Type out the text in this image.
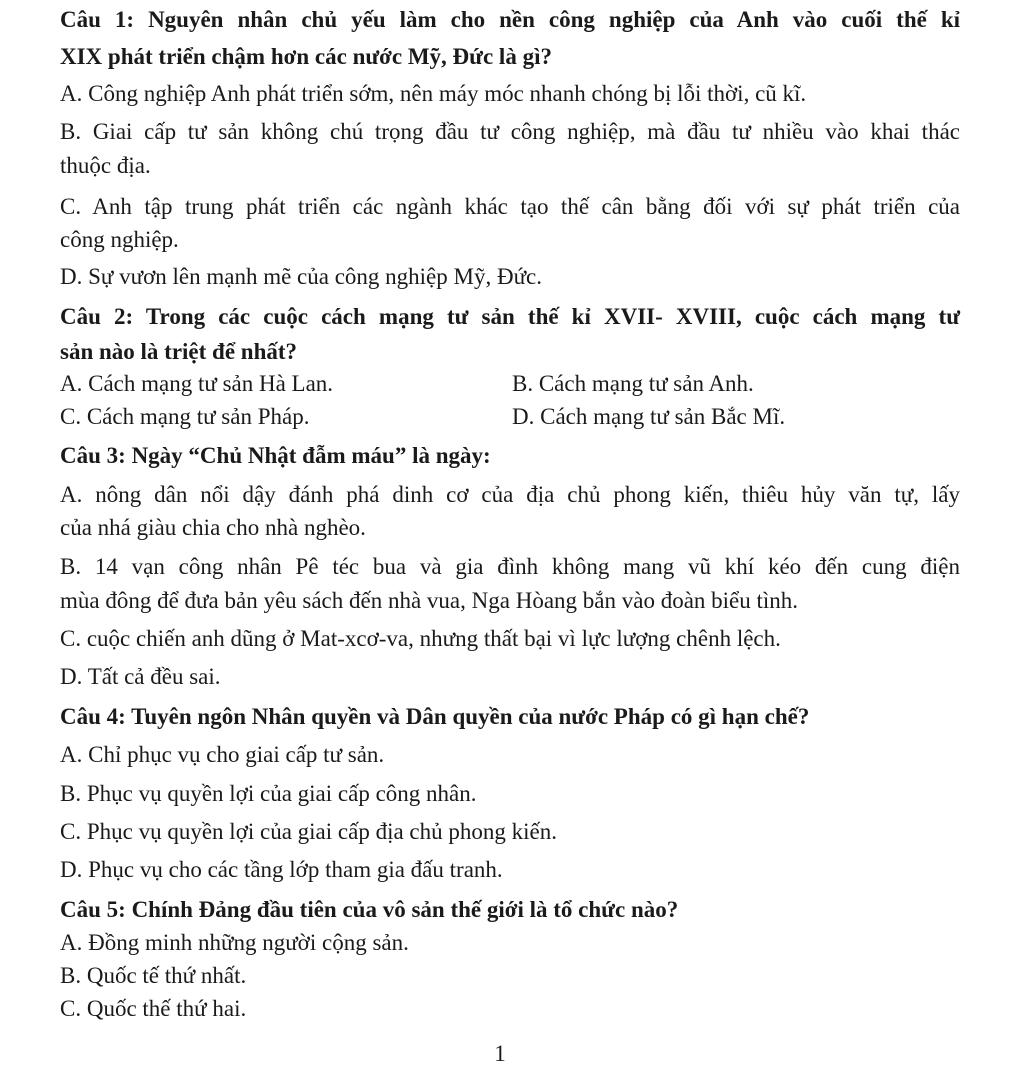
Câu 1: Nguyên nhân chủ yếu làm cho nền công nghiệp của Anh vào cuối thế kỉ
XIX phát triển chậm hơn các nước Mỹ, Đức là gì?
A. Công nghiệp Anh phát triển sớm, nên máy móc nhanh chóng bị lỗi thời, cũ kĩ.
B. Giai cấp tư sản không chú trọng đầu tư công nghiệp, mà đầu tư nhiều vào khai thác
thuộc địa.
C. Anh tập trung phát triển các ngành khác tạo thế cân bằng đối với sự phát triển của
công nghiệp.
D. Sự vươn lên mạnh mẽ của công nghiệp Mỹ, Đức.
Câu 2: Trong các cuộc cách mạng tư sản thế kỉ XVII- XVIII, cuộc cách mạng tư
sản nào là triệt để nhất?
A. Cách mạng tư sản Hà Lan.	B. Cách mạng tư sản Anh.
C. Cách mạng tư sản Pháp.	D. Cách mạng tư sản Bắc Mĩ.
Câu 3: Ngày “Chủ Nhật đẫm máu” là ngày:
A. nông dân nổi dậy đánh phá dinh cơ của địa chủ phong kiến, thiêu hủy văn tự, lấy
của nhá giàu chia cho nhà nghèo.
B. 14 vạn công nhân Pê téc bua và gia đình không mang vũ khí kéo đến cung điện
mùa đông để đưa bản yêu sách đến nhà vua, Nga Hòang bắn vào đoàn biểu tình.
C. cuộc chiến anh dũng ở Mat-xcơ-va, nhưng thất bại vì lực lượng chênh lệch.
D. Tất cả đều sai.
Câu 4: Tuyên ngôn Nhân quyền và Dân quyền của nước Pháp có gì hạn chế?
A. Chỉ phục vụ cho giai cấp tư sản.
B. Phục vụ quyền lợi của giai cấp công nhân.
C. Phục vụ quyền lợi của giai cấp địa chủ phong kiến.
D. Phục vụ cho các tầng lớp tham gia đấu tranh.
Câu 5: Chính Đảng đầu tiên của vô sản thế giới là tổ chức nào?
A. Đồng minh những người cộng sản.
B. Quốc tế thứ nhất.
C. Quốc thế thứ hai.
1
